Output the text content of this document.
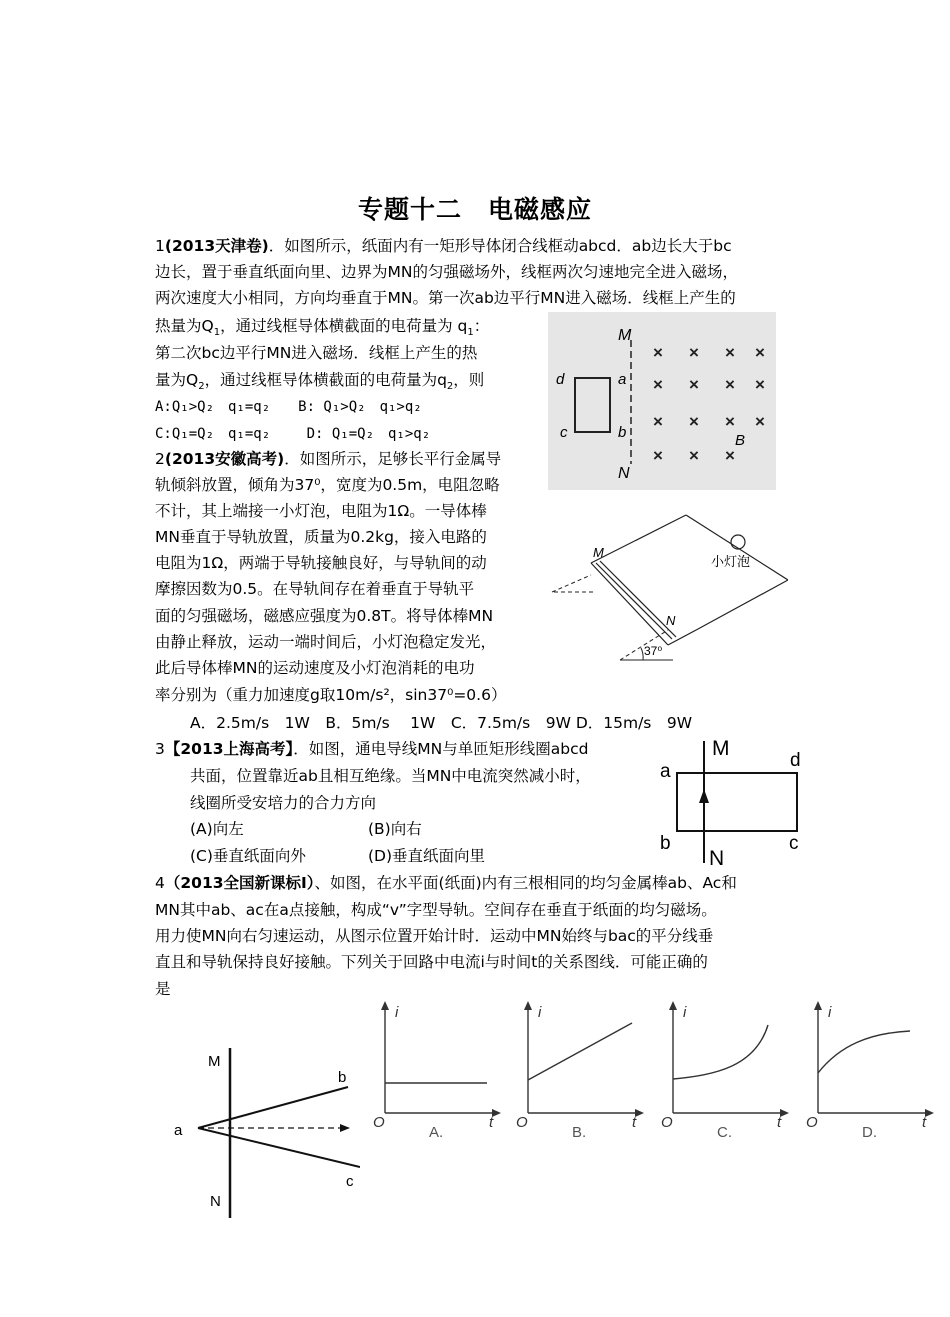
专题十二　电磁感应
1(2013天津卷)．如图所示，纸面内有一矩形导体闭合线框动abcd．ab边长大于bc
边长，置于垂直纸面向里、边界为MN的匀强磁场外，线框两次匀速地完全进入磁场，
两次速度大小相同，方向均垂直于MN。第一次ab边平行MN进入磁场．线框上产生的
热量为$Q_1$，通过线框导体横截面的电荷量为 $q_1$：
第二次bc边平行MN进入磁场．线框上产生的热
量为$Q_2$，通过线框导体横截面的电荷量为$q_2$，则
A:Q₁>Q₂　q₁=q₂　　B: Q₁>Q₂　q₁>q₂
C:Q₁=Q₂　q₁=q₂　　 D: Q₁=Q₂　q₁>q₂
M
N
d	a
c	b	B
× × × ×
× × × ×
× × × ×
× × ×
2(2013安徽高考)．如图所示，足够长平行金属导
轨倾斜放置，倾角为37⁰，宽度为0.5m，电阻忽略
不计，其上端接一小灯泡，电阻为1Ω。一导体棒
MN垂直于导轨放置，质量为0.2kg，接入电路的
电阻为1Ω，两端于导轨接触良好，与导轨间的动
摩擦因数为0.5。在导轨间存在着垂直于导轨平
面的匀强磁场，磁感应强度为0.8T。将导体棒MN
由静止释放，运动一端时间后，小灯泡稳定发光，
此后导体棒MN的运动速度及小灯泡消耗的电功
率分别为（重力加速度g取10m/s²，sin37⁰=0.6）
A．2.5m/s　1W　B．5m/s　 1W　C．7.5m/s　9W D．15m/s　9W
M
N
小灯泡
37⁰
3【2013上海高考】．如图，通电导线MN与单匝矩形线圈abcd
共面，位置靠近ab且相互绝缘。当MN中电流突然减小时，
线圈所受安培力的合力方向
(A)向左	(B)向右
(C)垂直纸面向外	(D)垂直纸面向里
M
N
a
b	c
d
4（2013全国新课标I）、如图，在水平面(纸面)内有三根相同的均匀金属棒ab、Ac和
MN其中ab、ac在a点接触，构成“v”字型导轨。空间存在垂直于纸面的均匀磁场。
用力使MN向右匀速运动，从图示位置开始计时．运动中MN始终与bac的平分线垂
直且和导轨保持良好接触。下列关于回路中电流i与时间t的关系图线．可能正确的
是
M
N
a
b
c
i
t
O
A.
i
t
O
B.
i
t
O
C.
i
t
O
D.
